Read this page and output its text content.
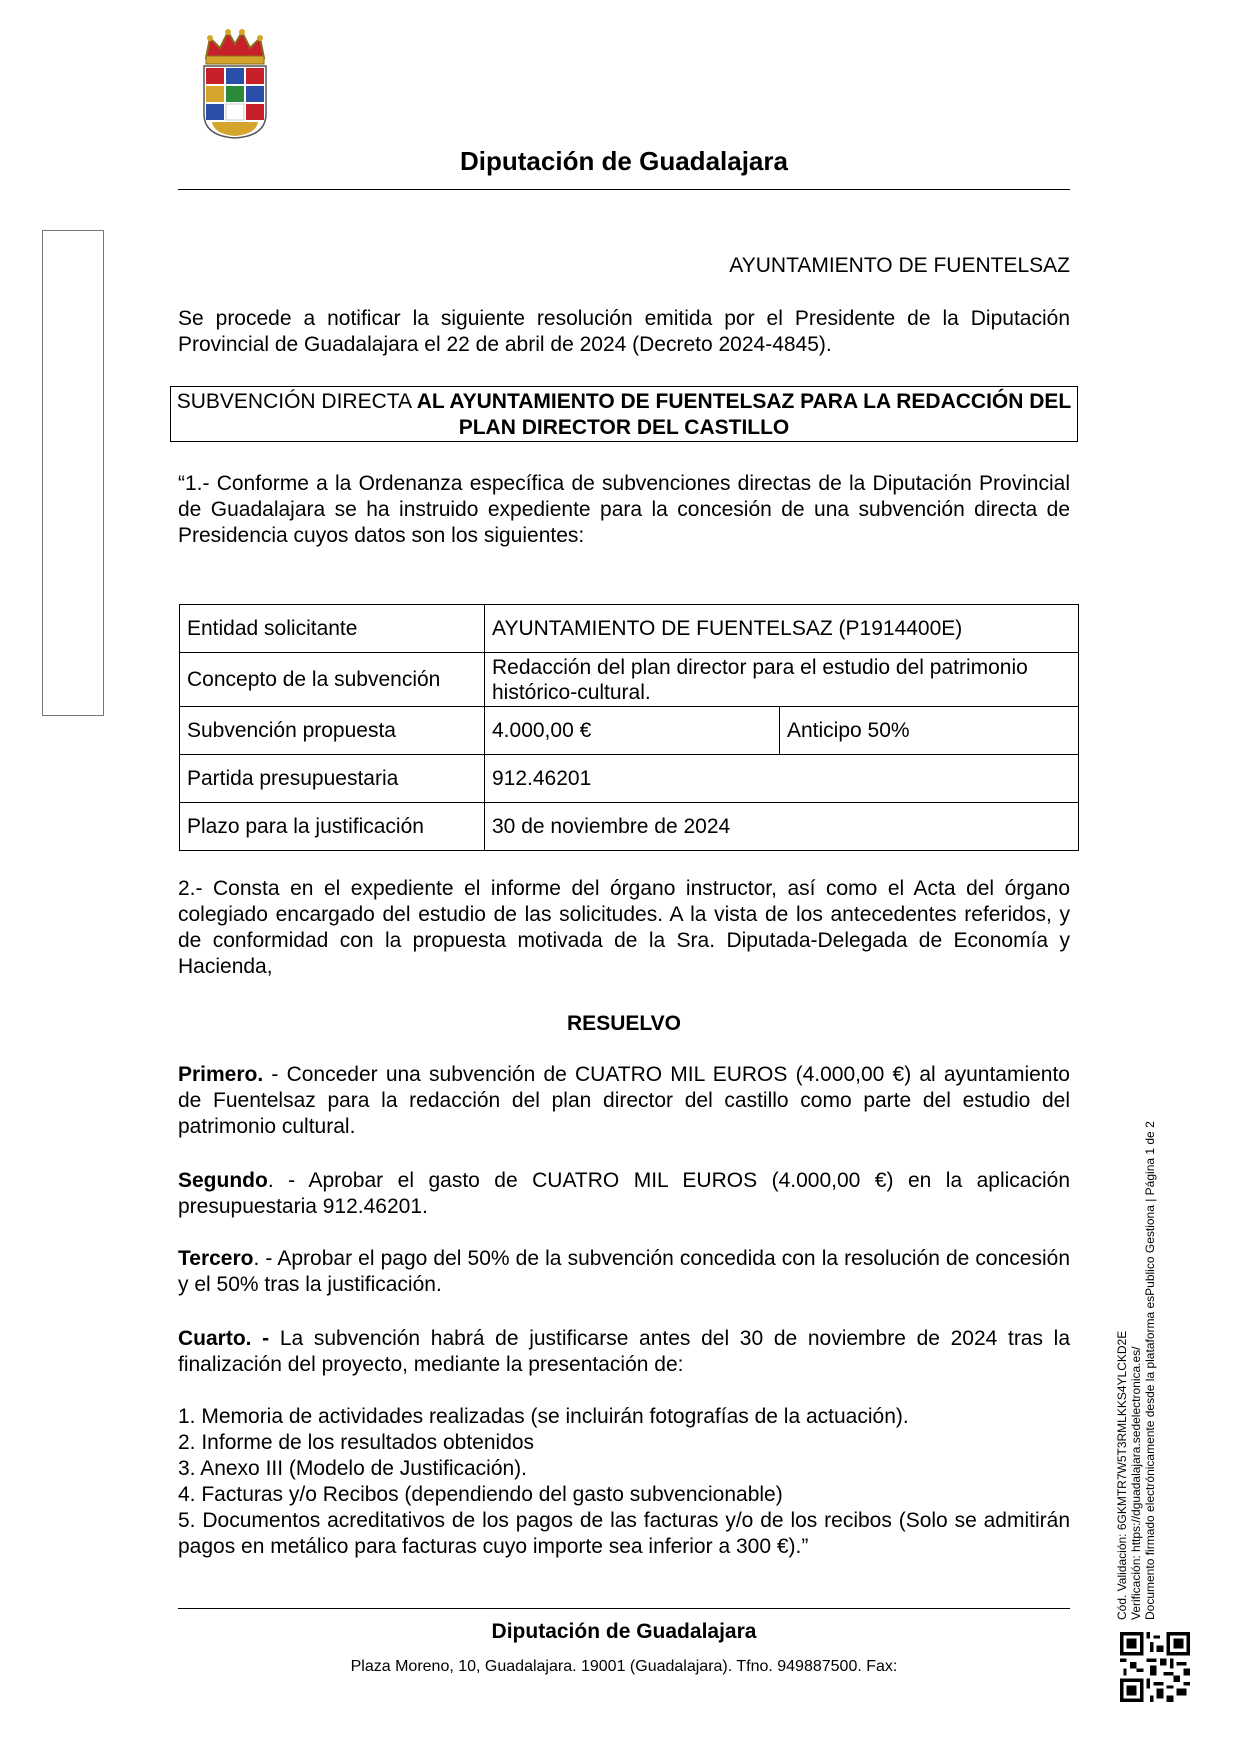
Diputación de Guadalajara
AYUNTAMIENTO DE FUENTELSAZ
Se procede a notificar la siguiente resolución emitida por el Presidente de la Diputación Provincial de Guadalajara el 22 de abril de 2024 (Decreto 2024-4845).
SUBVENCIÓN DIRECTA AL AYUNTAMIENTO DE FUENTELSAZ PARA LA REDACCIÓN DEL PLAN DIRECTOR DEL CASTILLO
“1.- Conforme a la Ordenanza específica de subvenciones directas de la Diputación Provincial de Guadalajara se ha instruido expediente para la concesión de una subvención directa de Presidencia cuyos datos son los siguientes:
Entidad solicitante	AYUNTAMIENTO DE FUENTELSAZ (P1914400E)	
Concepto de la subvención	Redacción del plan director para el estudio del patrimonio histórico-cultural.	
Subvención propuesta	4.000,00 €	Anticipo 50%
Partida presupuestaria	912.46201	
Plazo para la justificación	30 de noviembre de 2024	
2.- Consta en el expediente el informe del órgano instructor, así como el Acta del órgano colegiado encargado del estudio de las solicitudes. A la vista de los antecedentes referidos, y de conformidad con la propuesta motivada de la Sra. Diputada-Delegada de Economía y Hacienda,
RESUELVO
Primero. - Conceder una subvención de CUATRO MIL EUROS (4.000,00 €) al ayuntamiento de Fuentelsaz para la redacción del plan director del castillo como parte del estudio del patrimonio cultural.
Segundo. - Aprobar el gasto de CUATRO MIL EUROS (4.000,00 €) en la aplicación presupuestaria 912.46201.
Tercero. - Aprobar el pago del 50% de la subvención concedida con la resolución de concesión y el 50% tras la justificación.
Cuarto. - La subvención habrá de justificarse antes del 30 de noviembre de 2024 tras la finalización del proyecto, mediante la presentación de:
1. Memoria de actividades realizadas (se incluirán fotografías de la actuación).
2. Informe de los resultados obtenidos
3. Anexo III (Modelo de Justificación).
4. Facturas y/o Recibos (dependiendo del gasto subvencionable)
5. Documentos acreditativos de los pagos de las facturas y/o de los recibos (Solo se admitirán pagos en metálico para facturas cuyo importe sea inferior a 300 €).”
Diputación de Guadalajara
Plaza Moreno, 10, Guadalajara. 19001 (Guadalajara). Tfno. 949887500. Fax:
Cód. Validación: 6GKMTR7W5T3RMLKKS4YLCKD2E Verificación: https://dguadalajara.sedelectronica.es/ Documento firmado electrónicamente desde la plataforma esPublico Gestiona | Página 1 de 2
